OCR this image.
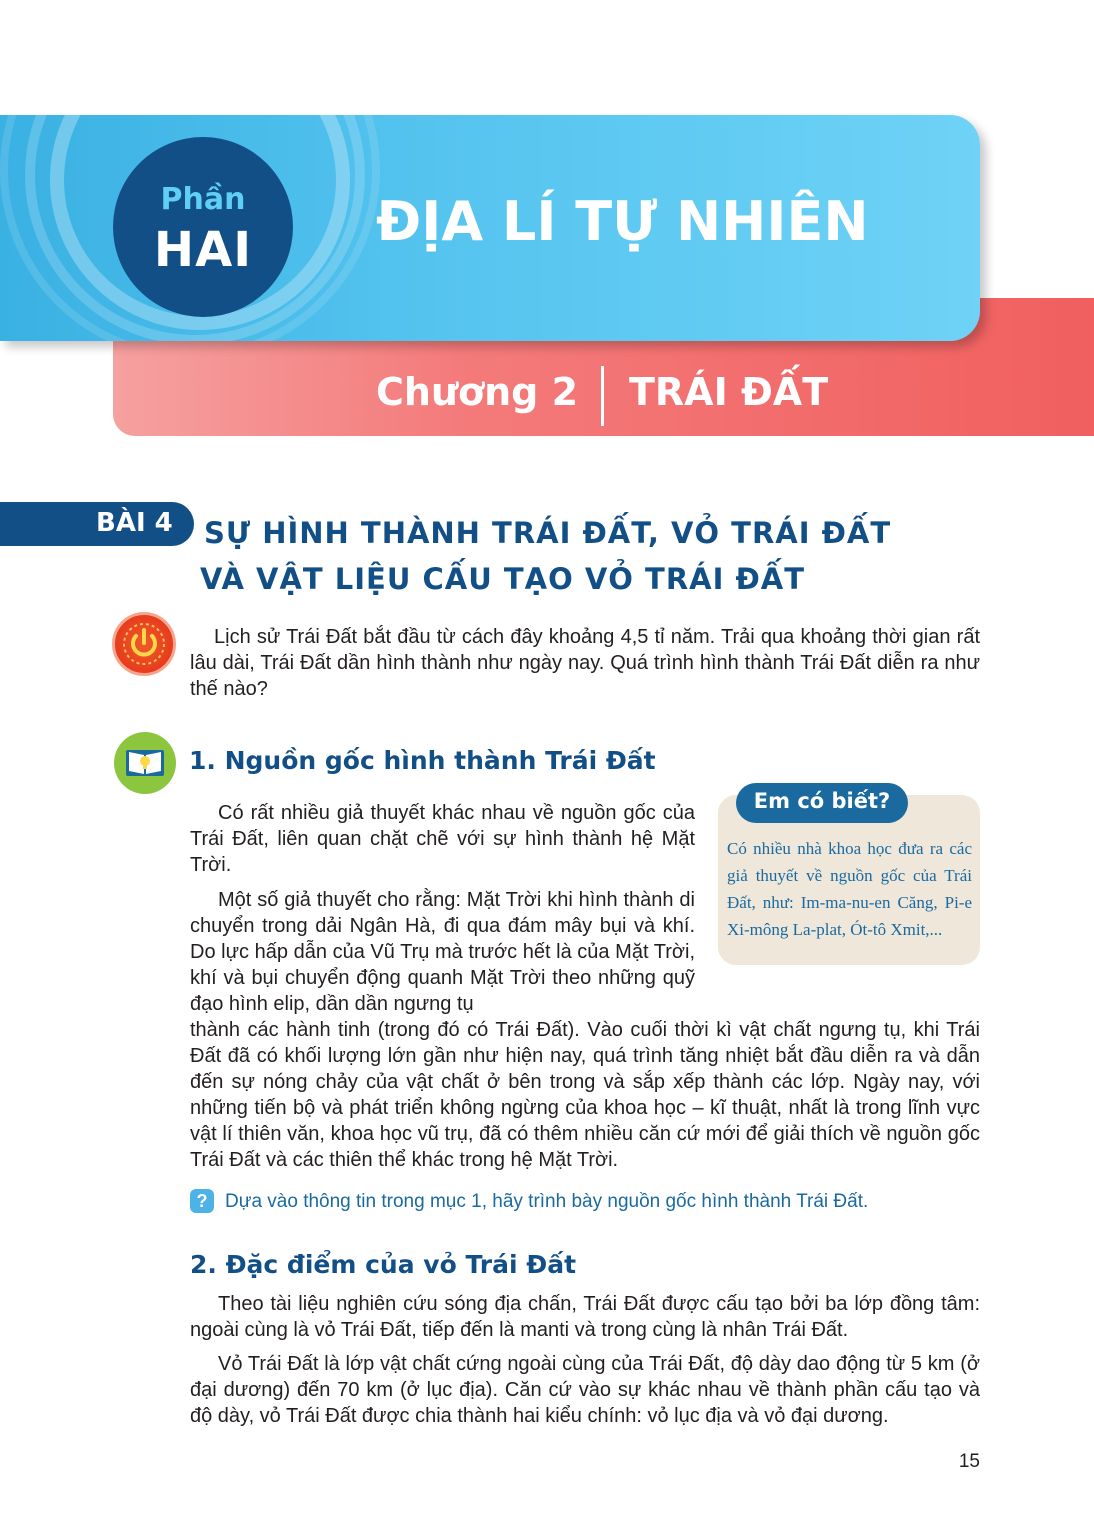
Chương 2 TRÁI ĐẤT
Phần
HAI	ĐỊA LÍ TỰ NHIÊN
BÀI 4 SỰ HÌNH THÀNH TRÁI ĐẤT, VỎ TRÁI ĐẤT
VÀ VẬT LIỆU CẤU TẠO VỎ TRÁI ĐẤT
Lịch sử Trái Đất bắt đầu từ cách đây khoảng 4,5 tỉ năm. Trải qua khoảng thời gian rất lâu dài, Trái Đất dần hình thành như ngày nay. Quá trình hình thành Trái Đất diễn ra như thế nào?
1. Nguồn gốc hình thành Trái Đất
Có rất nhiều giả thuyết khác nhau về nguồn gốc của Trái Đất, liên quan chặt chẽ với sự hình thành hệ Mặt Trời.
Một số giả thuyết cho rằng: Mặt Trời khi hình thành di chuyển trong dải Ngân Hà, đi qua đám mây bụi và khí. Do lực hấp dẫn của Vũ Trụ mà trước hết là của Mặt Trời, khí và bụi chuyển động quanh Mặt Trời theo những quỹ đạo hình elip, dần dần ngưng tụ
thành các hành tinh (trong đó có Trái Đất). Vào cuối thời kì vật chất ngưng tụ, khi Trái Đất đã có khối lượng lớn gần như hiện nay, quá trình tăng nhiệt bắt đầu diễn ra và dẫn đến sự nóng chảy của vật chất ở bên trong và sắp xếp thành các lớp. Ngày nay, với những tiến bộ và phát triển không ngừng của khoa học – kĩ thuật, nhất là trong lĩnh vực vật lí thiên văn, khoa học vũ trụ, đã có thêm nhiều căn cứ mới để giải thích về nguồn gốc Trái Đất và các thiên thể khác trong hệ Mặt Trời.
Em có biết?
Có nhiều nhà khoa học đưa ra các giả thuyết về nguồn gốc của Trái Đất, như: Im-ma-nu-en Căng, Pi-e Xi-mông La-plat, Ót-tô Xmit,...
? Dựa vào thông tin trong mục 1, hãy trình bày nguồn gốc hình thành Trái Đất.
2. Đặc điểm của vỏ Trái Đất
Theo tài liệu nghiên cứu sóng địa chấn, Trái Đất được cấu tạo bởi ba lớp đồng tâm: ngoài cùng là vỏ Trái Đất, tiếp đến là manti và trong cùng là nhân Trái Đất.
Vỏ Trái Đất là lớp vật chất cứng ngoài cùng của Trái Đất, độ dày dao động từ 5 km (ở đại dương) đến 70 km (ở lục địa). Căn cứ vào sự khác nhau về thành phần cấu tạo và độ dày, vỏ Trái Đất được chia thành hai kiểu chính: vỏ lục địa và vỏ đại dương.
15
